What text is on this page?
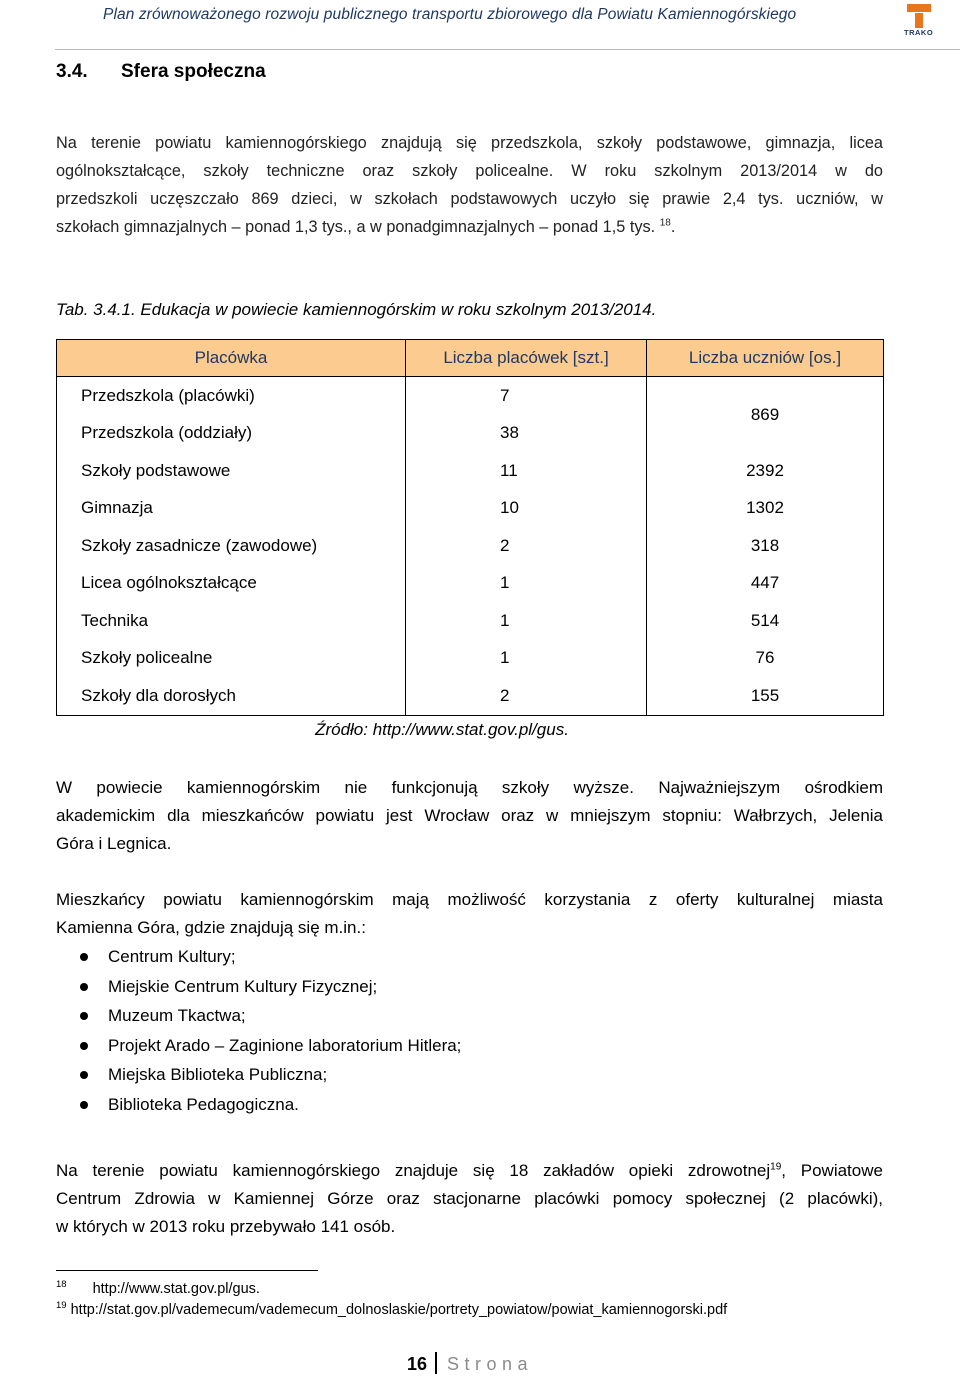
Plan zrównoważonego rozwoju publicznego transportu zbiorowego dla Powiatu Kamiennogórskiego
TRAKO
3.4. Sfera społeczna
Na terenie powiatu kamiennogórskiego znajdują się przedszkola, szkoły podstawowe, gimnazja, licea
ogólnokształcące, szkoły techniczne oraz szkoły policealne. W roku szkolnym 2013/2014 w do
przedszkoli uczęszczało 869 dzieci, w szkołach podstawowych uczyło się prawie 2,4 tys. uczniów, w
szkołach gimnazjalnych – ponad 1,3 tys., a w ponadgimnazjalnych – ponad 1,5 tys. $^{18}$.
Tab. 3.4.1. Edukacja w powiecie kamiennogórskim w roku szkolnym 2013/2014.
Placówka	Liczba placówek [szt.]	Liczba uczniów [os.]
Przedszkola (placówki)	7	869
Przedszkola (oddziały)	38	
Szkoły podstawowe	11	2392
Gimnazja	10	1302
Szkoły zasadnicze (zawodowe)	2	318
Licea ogólnokształcące	1	447
Technika	1	514
Szkoły policealne	1	76
Szkoły dla dorosłych	2	155
Źródło: http://www.stat.gov.pl/gus.
W powiecie kamiennogórskim nie funkcjonują szkoły wyższe. Najważniejszym ośrodkiem
akademickim dla mieszkańców powiatu jest Wrocław oraz w mniejszym stopniu: Wałbrzych, Jelenia
Góra i Legnica.
Mieszkańcy powiatu kamiennogórskim mają możliwość korzystania z oferty kulturalnej miasta
Kamienna Góra, gdzie znajdują się m.in.:
Centrum Kultury;
Miejskie Centrum Kultury Fizycznej;
Muzeum Tkactwa;
Projekt Arado – Zaginione laboratorium Hitlera;
Miejska Biblioteka Publiczna;
Biblioteka Pedagogiczna.
Na terenie powiatu kamiennogórskiego znajduje się 18 zakładów opieki zdrowotnej$^{19}$, Powiatowe
Centrum Zdrowia w Kamiennej Górze oraz stacjonarne placówki pomocy społecznej (2 placówki),
w których w 2013 roku przebywało 141 osób.
$^{18}$ http://www.stat.gov.pl/gus.
$^{19}$ http://stat.gov.pl/vademecum/vademecum_dolnoslaskie/portrety_powiatow/powiat_kamiennogorski.pdf
16 Strona
